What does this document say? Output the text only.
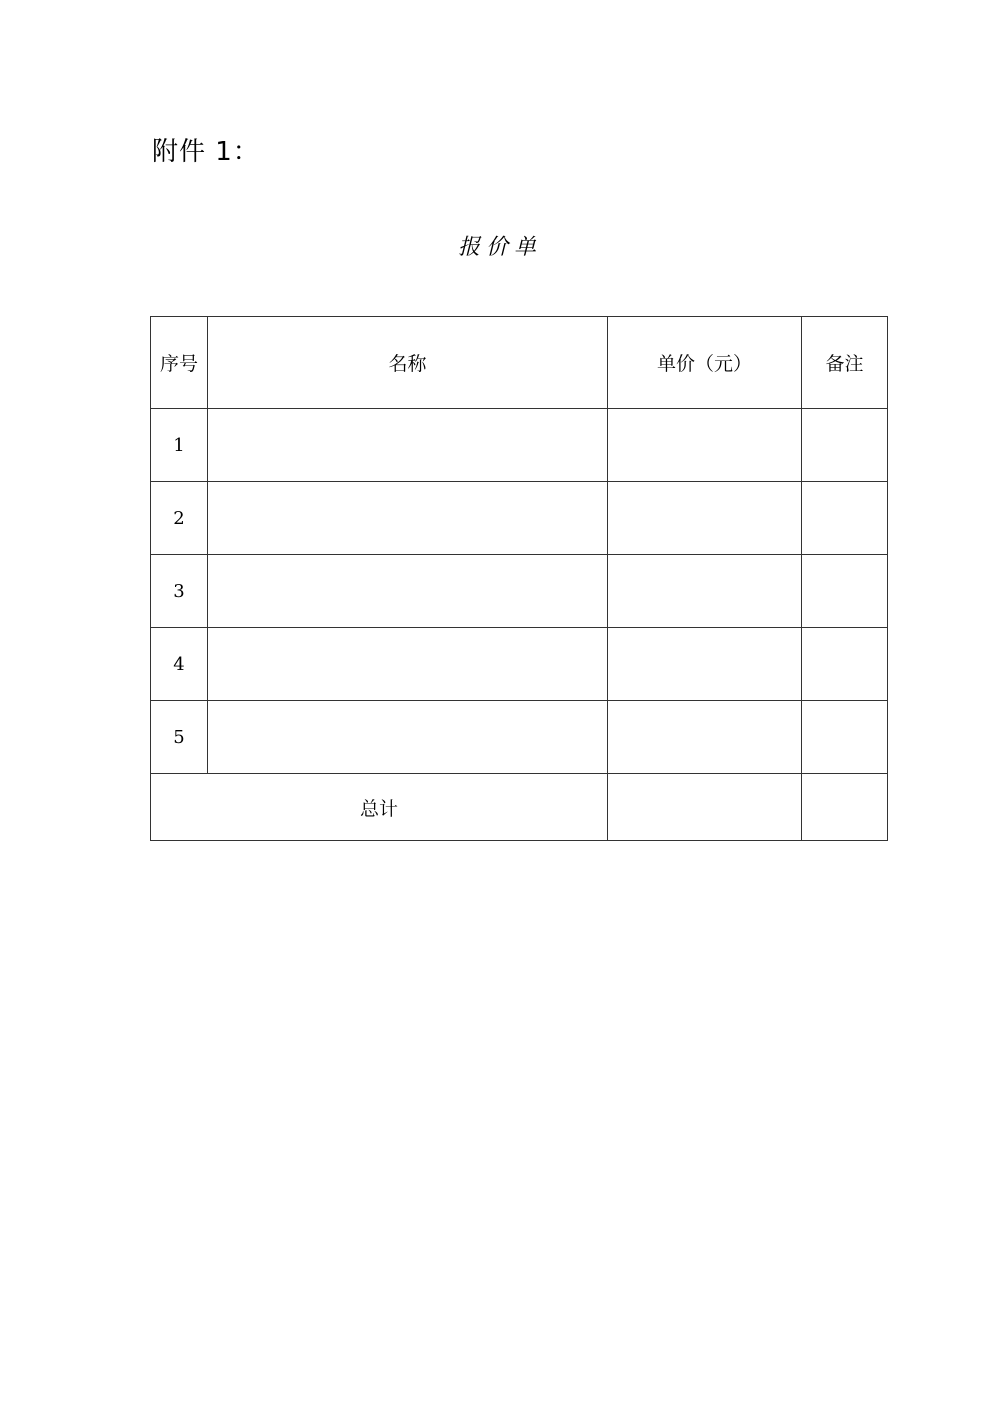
附件 1：
报价单
序号	名称	单价（元）	备注
1			
2			
3			
4			
5			
总计			
